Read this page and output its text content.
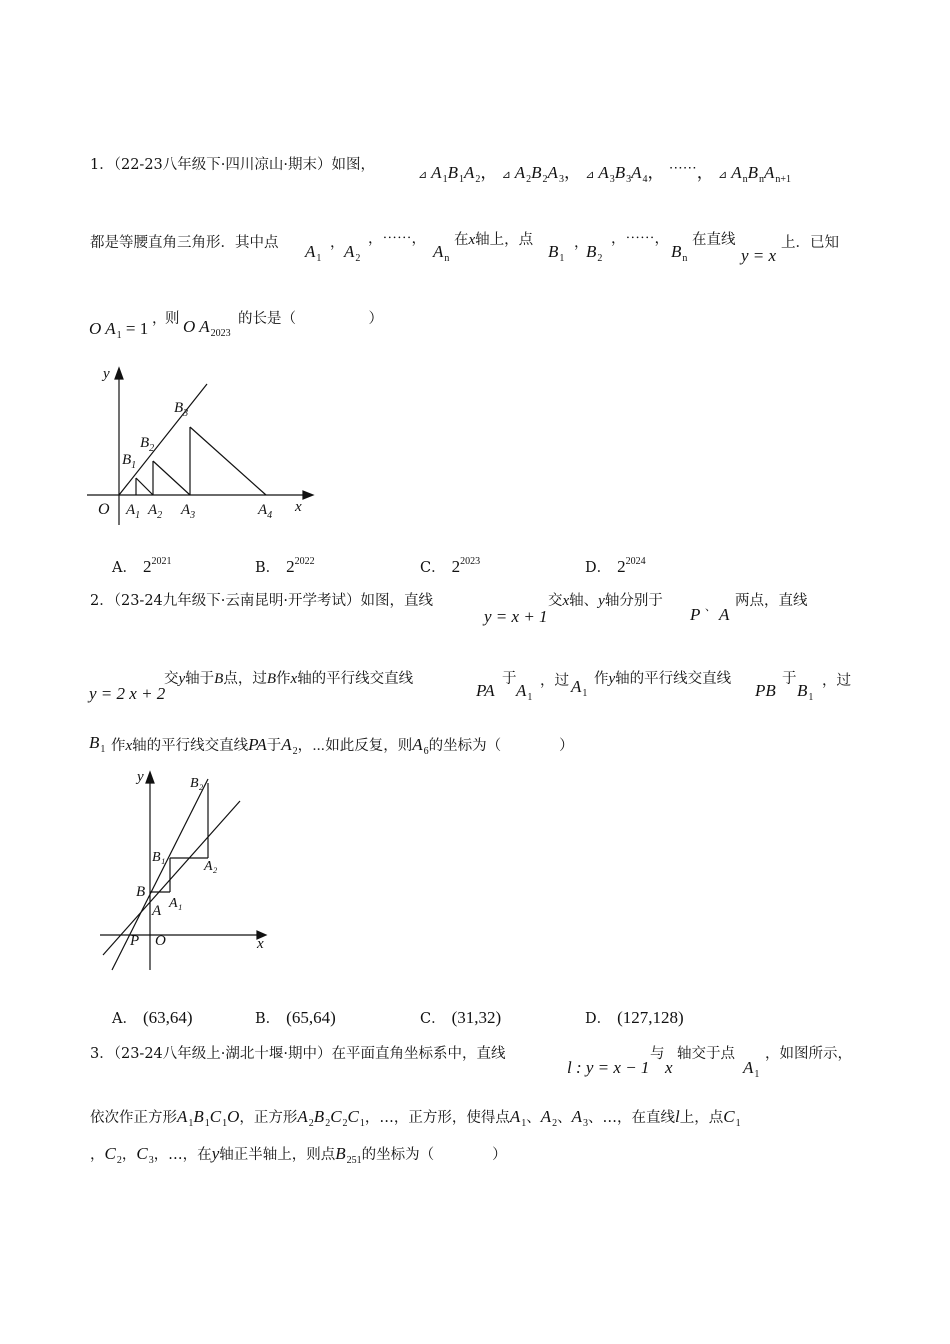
1．（22-23八年级下·四川凉山·期末）如图，
⊿ $A_1B_1A_2$， ⊿ $A_2B_2A_3$， ⊿ $A_3B_3A_4$， ⋯⋯， ⊿ $A_nB_nA_{n+1}$
都是等腰直角三角形．其中点 $A_1$
， $A_2$
，⋯⋯，
$A_n$
在x轴上，点
$B_1$
，
$B_2$
，⋯⋯，
$B_n$
在直线
y = x
上．已知
O $A_1 = 1$ ，
则 O $A_{2023}$
的长是（　　　　　）
y
x
O $A_1$ $A_2$ $A_3$	$A_4$
$B_1$
$B_2$
$B_3$
A． $2^{2021}$	B． $2^{2022}$	C． $2^{2023}$	D． $2^{2024}$
2．（23-24九年级下·云南昆明·开学考试）如图，直线
y = x + 1
交x轴、y轴分别于
P 、 A
两点，直线
y = 2 x + 2
交y轴于B点，过B作x轴的平行线交直线
PA
于
$A_1$
，过 $A_1$
作y轴的平行线交直线
PB
于
$B_1$
，过
$B_1$ 作x轴的平行线交直线PA于$A_2$，⋯如此反复，则$A_6$的坐标为（　　　　）
y
x
O
P
A
B
A₁
B₁
A₂
B₂
A． (63,64)	B． (65,64)	C． (31,32)	D． (127,128)
3．（23-24八年级上·湖北十堰·期中）在平面直角坐标系中，直线
l : y = x − 1
与
x
轴交于点
$A_1$
，如图所示，
依次作正方形$A_1B_1C_1O$，正方形$A_2B_2C_2C_1$，…，正方形，使得点$A_1$、$A_2$、$A_3$、…，在直线l上，点$C_1$
，$C_2$，$C_3$，…，在y轴正半轴上，则点$B_{251}$的坐标为（　　　　）
